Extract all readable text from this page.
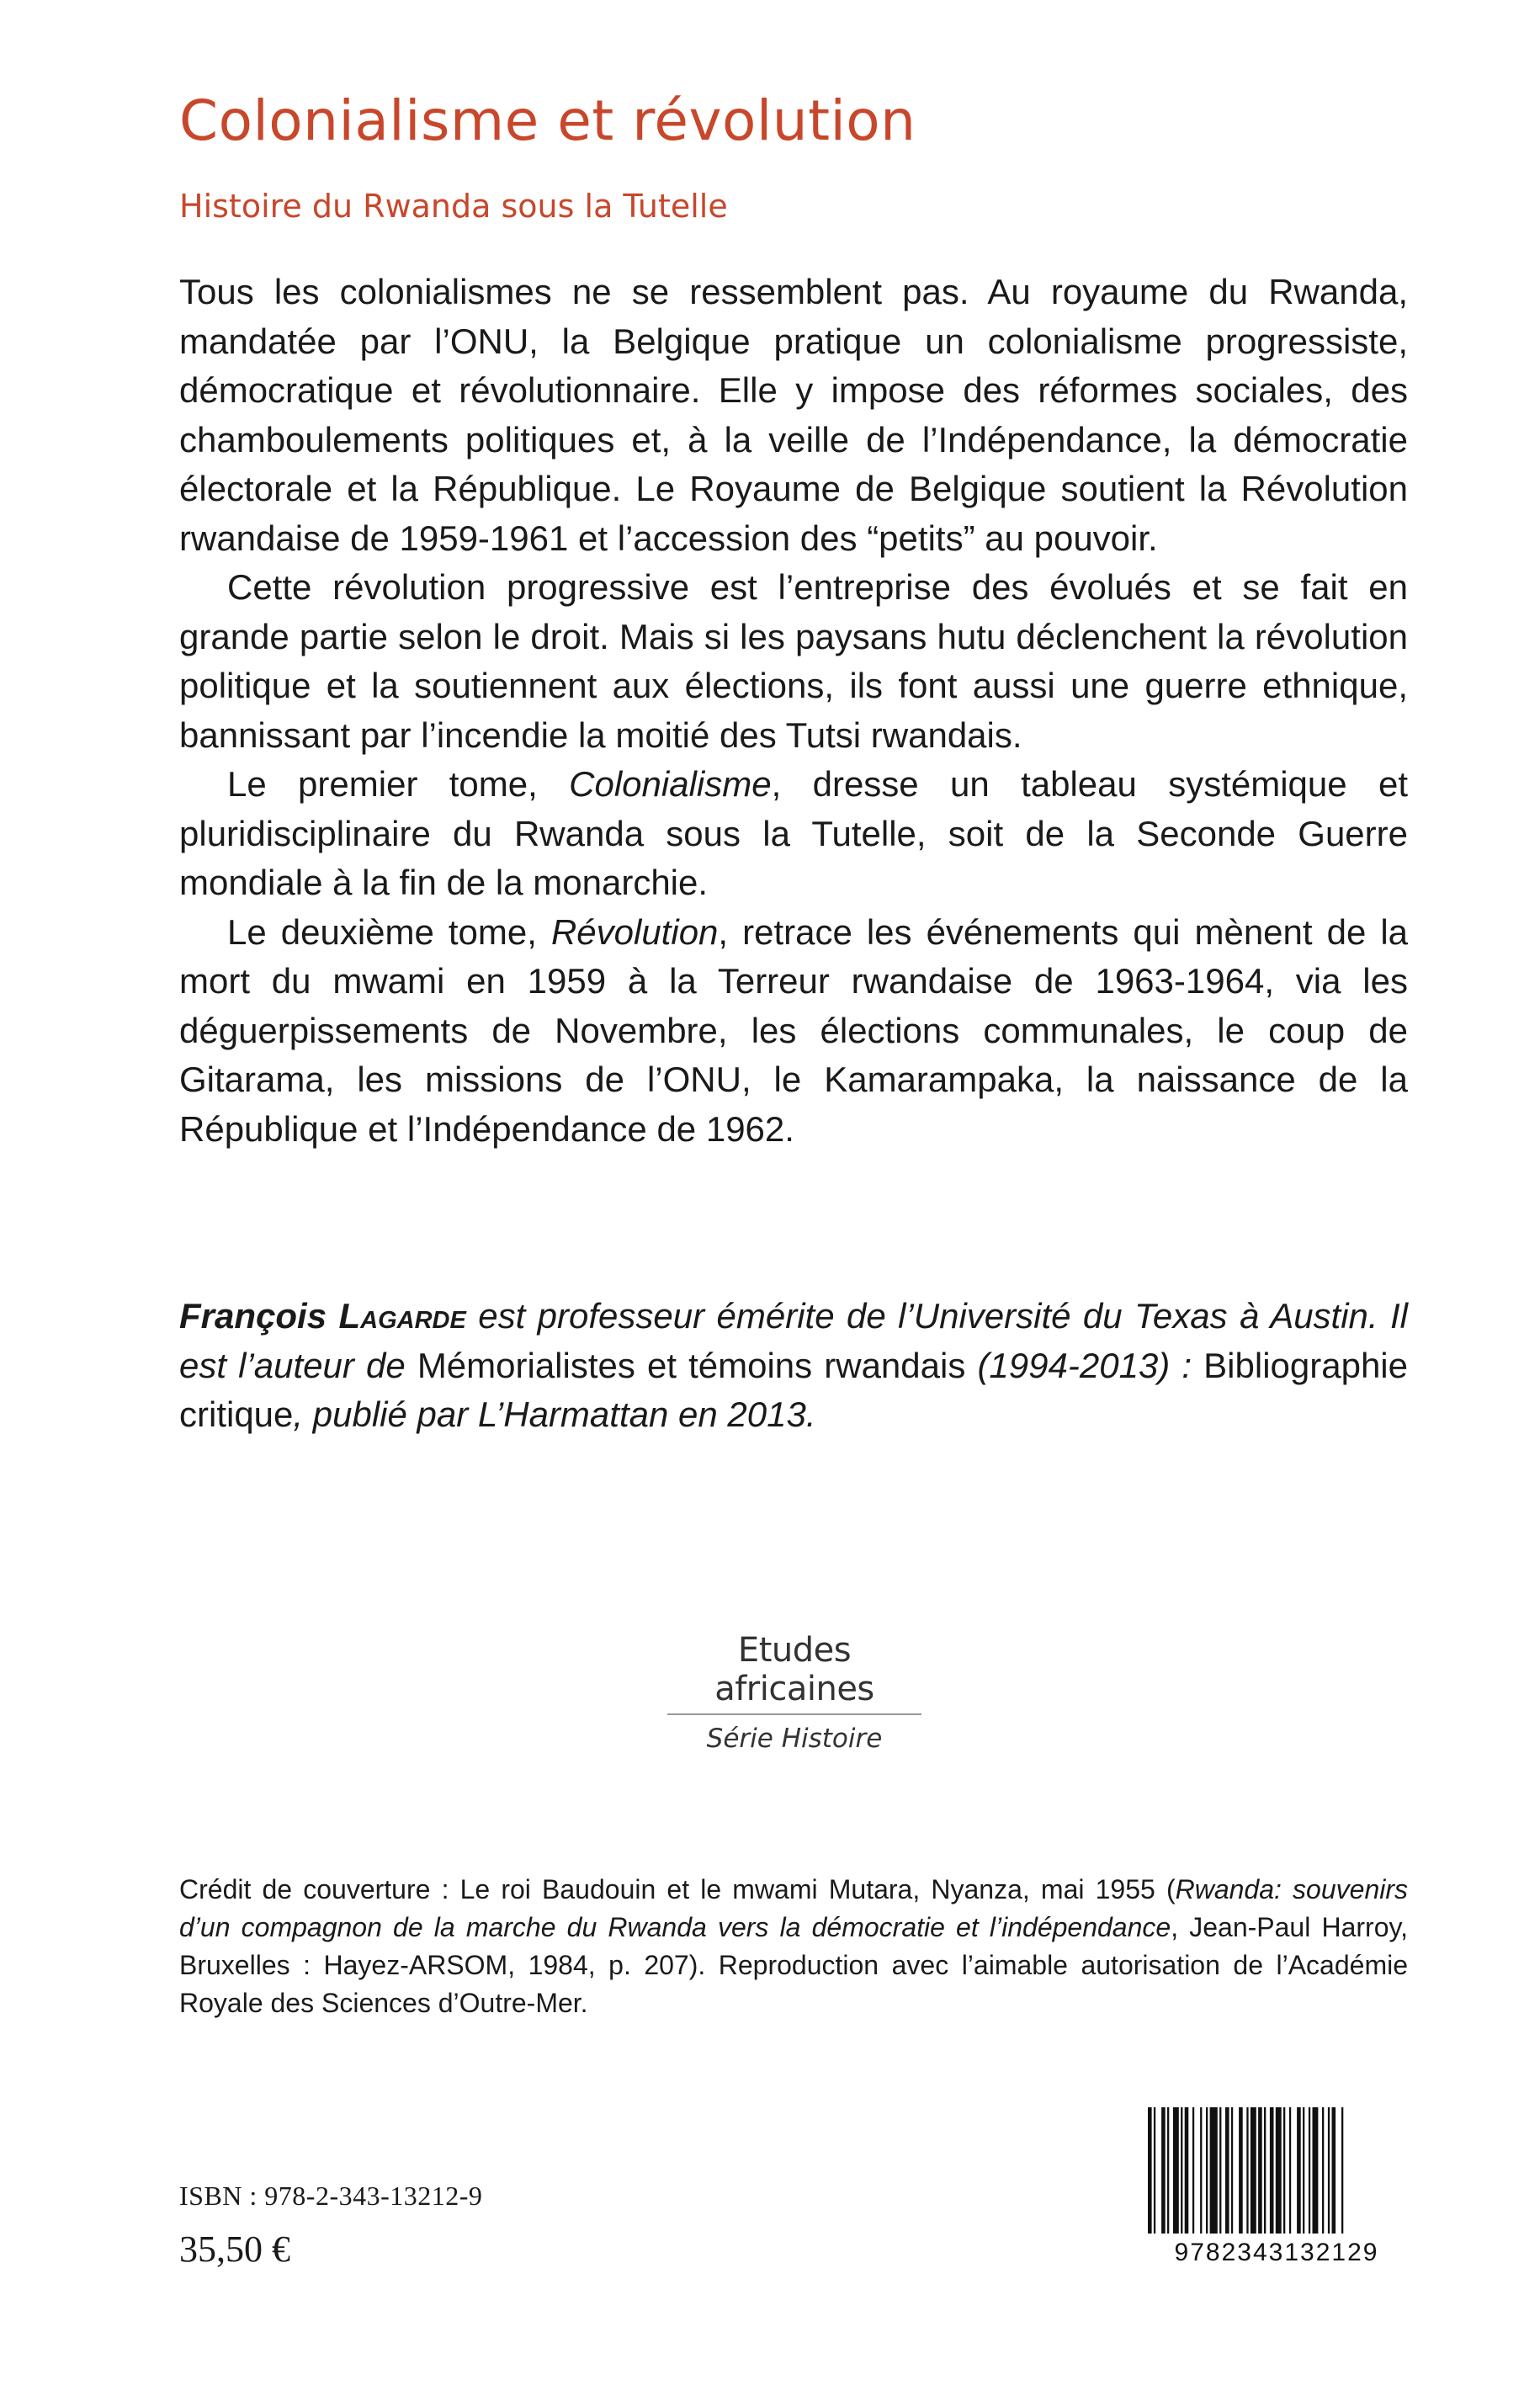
Colonialisme et révolution
Histoire du Rwanda sous la Tutelle

Tous les colonialismes ne se ressemblent pas. Au royaume du Rwanda, mandatée par l’ONU, la Belgique pratique un colonialisme progressiste, démocratique et révolutionnaire. Elle y impose des réformes sociales, des chamboulements politiques et, à la veille de l’Indépendance, la démocratie électorale et la République. Le Royaume de Belgique soutient la Révolution rwandaise de 1959-1961 et l’accession des “petits” au pouvoir.

Cette révolution progressive est l’entreprise des évolués et se fait en grande partie selon le droit. Mais si les paysans hutu déclenchent la révolution politique et la soutiennent aux élections, ils font aussi une guerre ethnique, bannissant par l’incendie la moitié des Tutsi rwandais.

Le premier tome, Colonialisme, dresse un tableau systémique et pluridisciplinaire du Rwanda sous la Tutelle, soit de la Seconde Guerre mondiale à la fin de la monarchie.

Le deuxième tome, Révolution, retrace les événements qui mènent de la mort du mwami en 1959 à la Terreur rwandaise de 1963-1964, via les déguerpissements de Novembre, les élections communales, le coup de Gitarama, les missions de l’ONU, le Kamarampaka, la naissance de la République et l’Indépendance de 1962.

François Lagarde est professeur émérite de l’Université du Texas à Austin. Il est l’auteur de Mémorialistes et témoins rwandais (1994-2013) : Bibliographie critique, publié par L’Harmattan en 2013.

Etudes africaines
Série Histoire

Crédit de couverture : Le roi Baudouin et le mwami Mutara, Nyanza, mai 1955 (Rwanda: souvenirs d’un compagnon de la marche du Rwanda vers la démocratie et l’indépendance, Jean-Paul Harroy, Bruxelles : Hayez-ARSOM, 1984, p. 207). Reproduction avec l’aimable autorisation de l’Académie Royale des Sciences d’Outre-Mer.

ISBN : 978-2-343-13212-9
35,50 €	9782343132129
